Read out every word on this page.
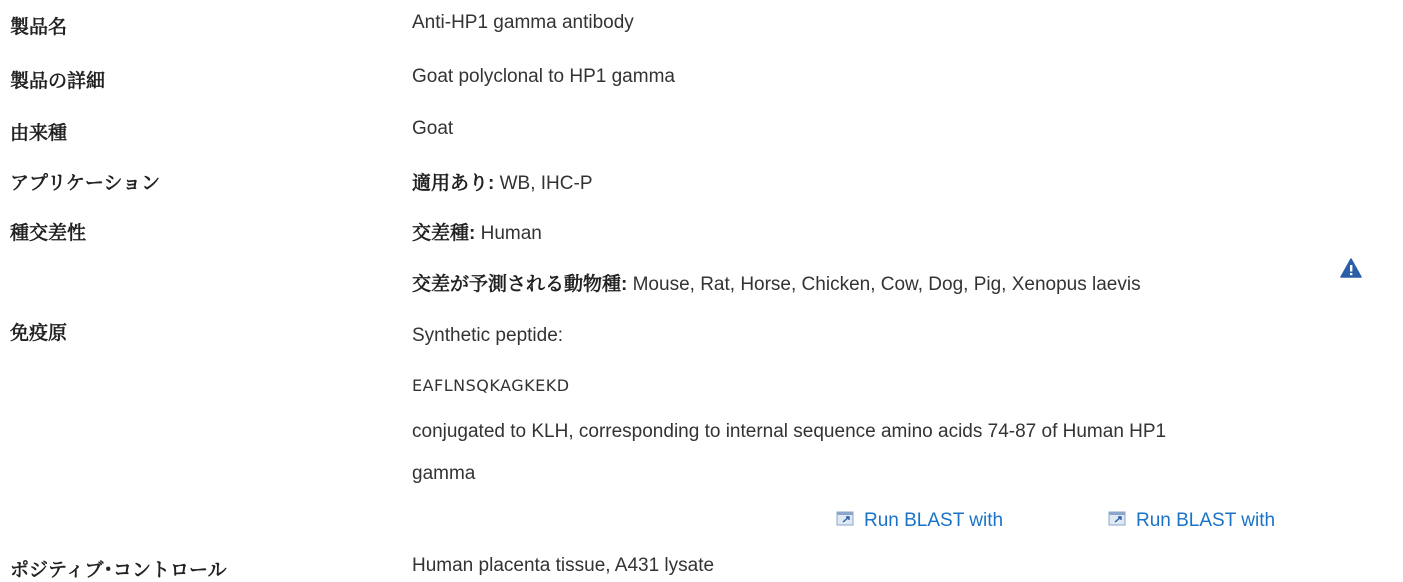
製品名	Anti-HP1 gamma antibody
製品の詳細	Goat polyclonal to HP1 gamma
由来種	Goat
アプリケーション	適用あり: WB, IHC-P
種交差性	交差種: Human
交差が予測される動物種: Mouse, Rat, Horse, Chicken, Cow, Dog, Pig, Xenopus laevis
免疫原	Synthetic peptide:
EAFLNSQKAGKEKD
conjugated to KLH, corresponding to internal sequence amino acids 74-87 of Human HP1
gamma
Run BLAST with	Run BLAST with
ポジティブ･コントロール	Human placenta tissue, A431 lysate
